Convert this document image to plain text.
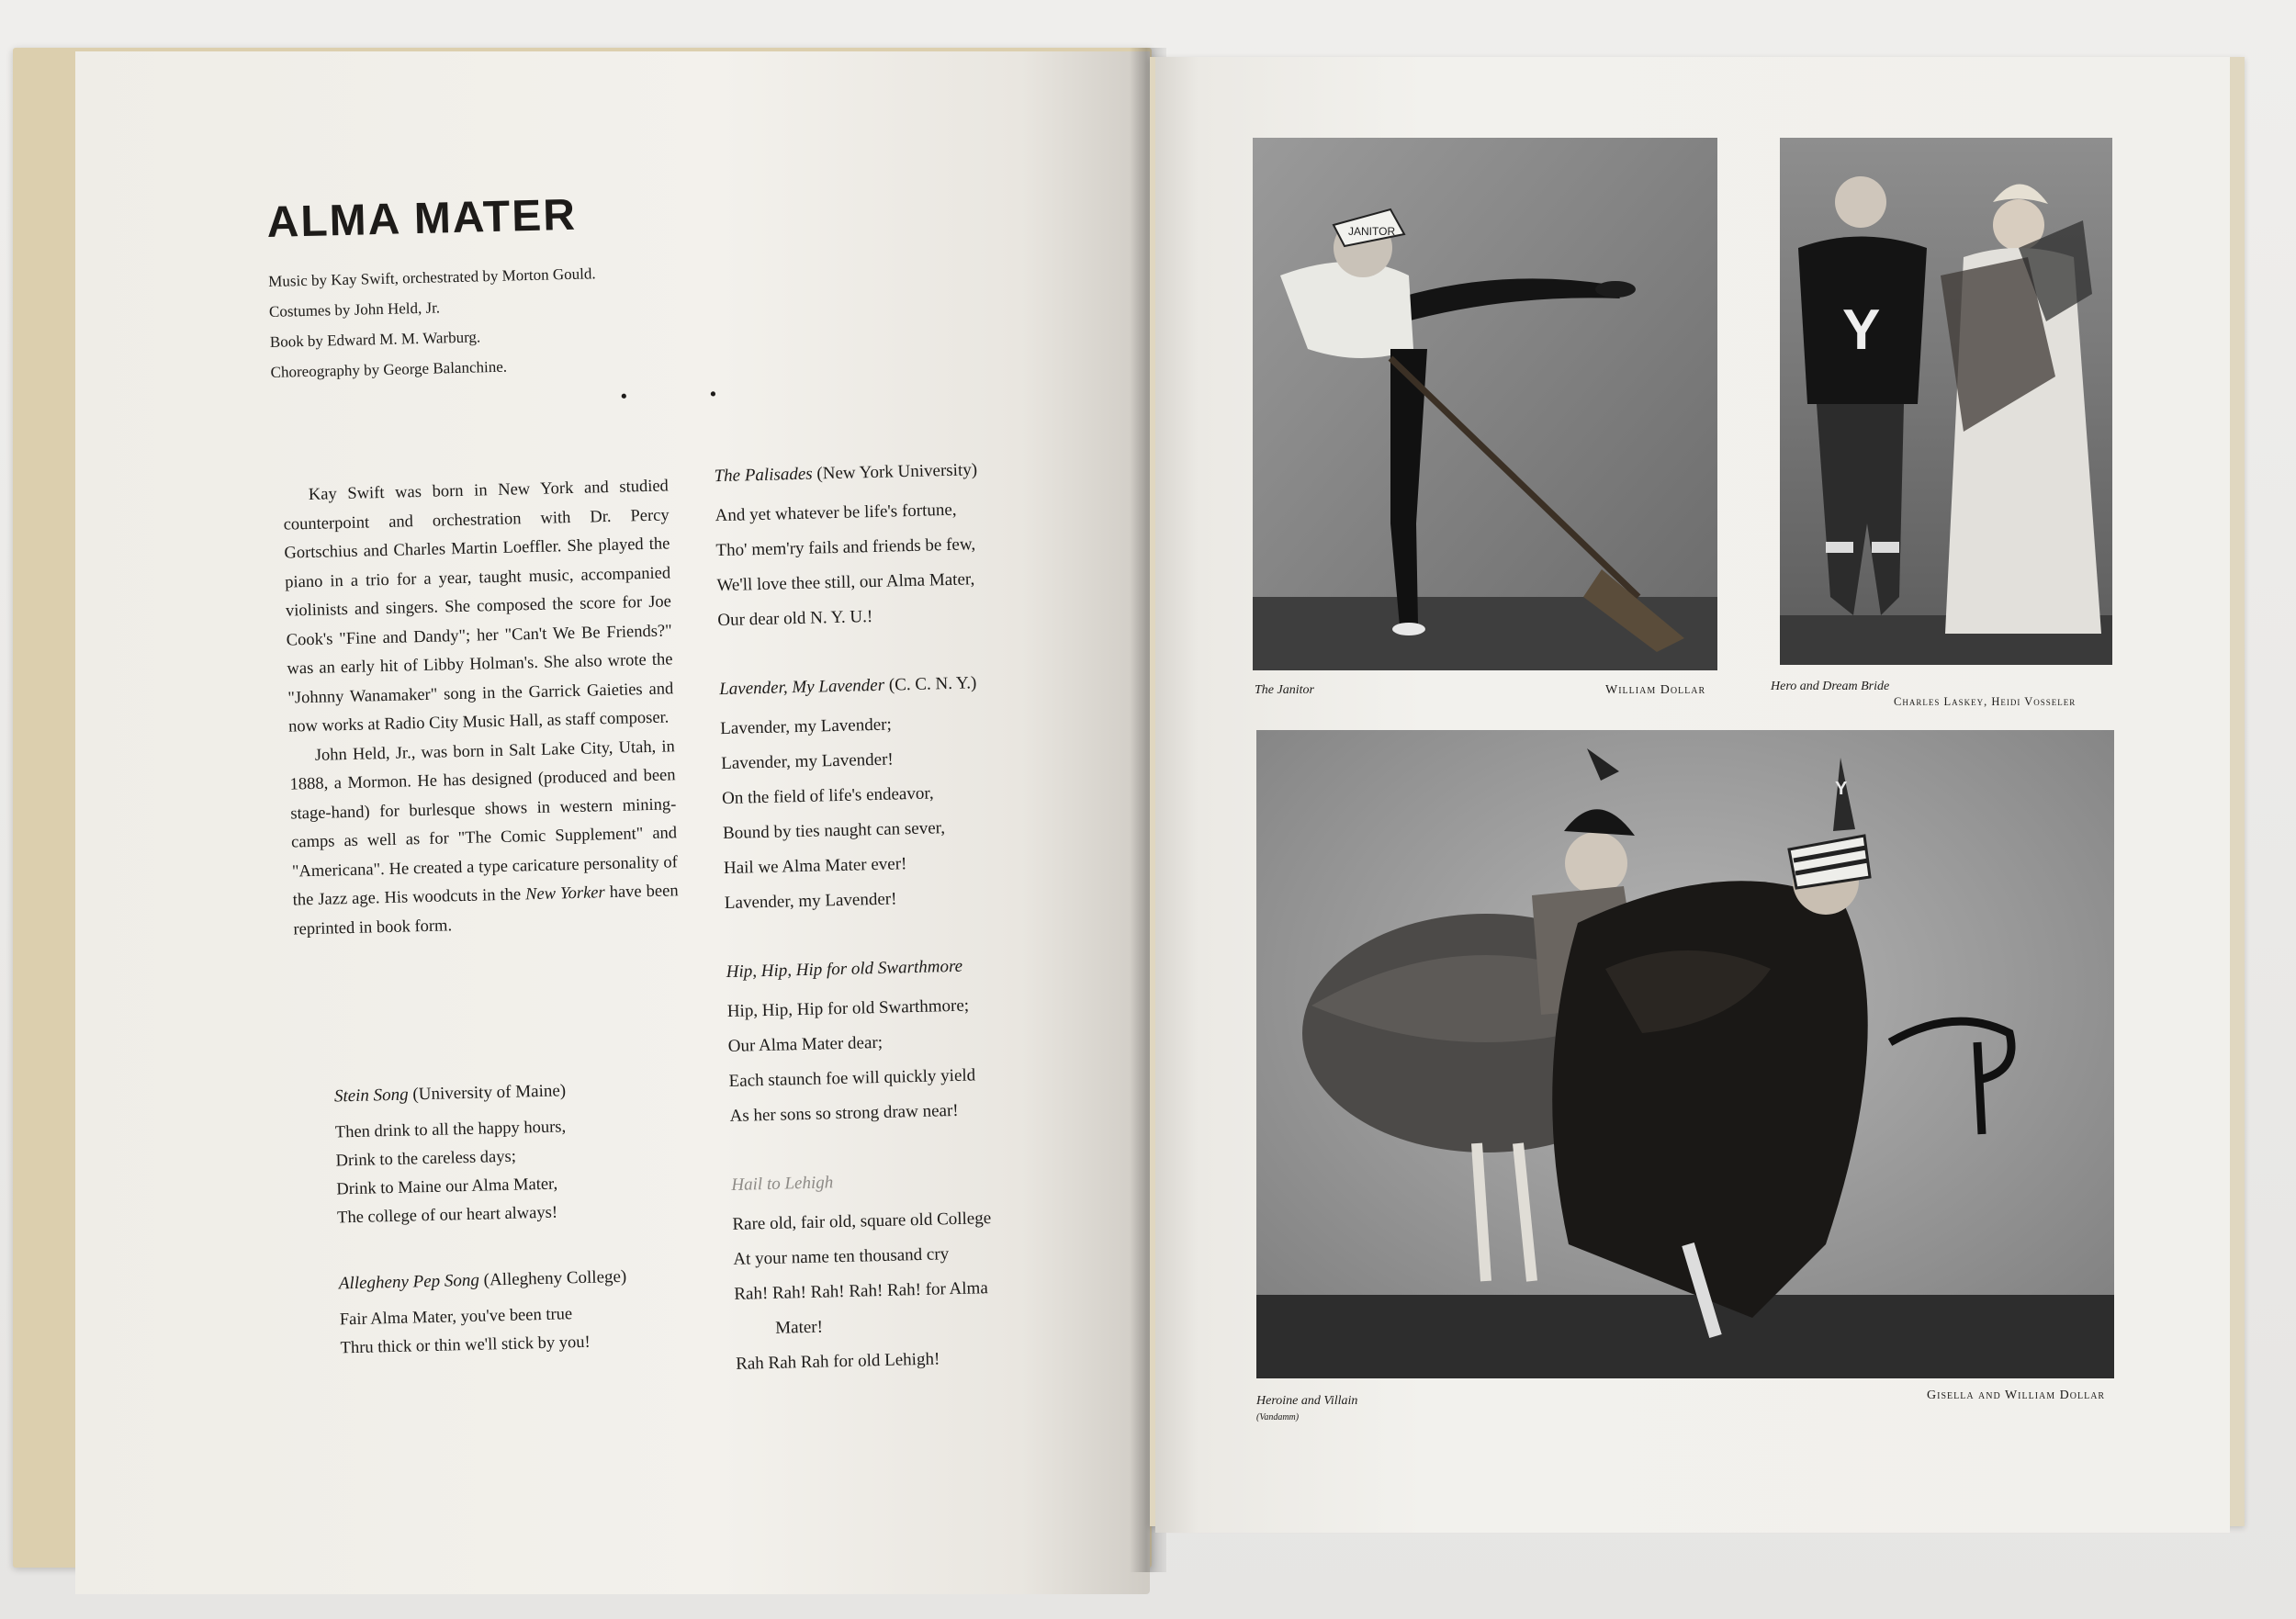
ALMA MATER
Music by Kay Swift, orchestrated by Morton Gould.
Costumes by John Held, Jr.
Book by Edward M. M. Warburg.
Choreography by George Balanchine.
• •

Kay Swift was born in New York and studied counterpoint and orchestration with Dr. Percy Gortschius and Charles Martin Loeffler. She played the piano in a trio for a year, taught music, accompanied violinists and singers. She composed the score for Joe Cook's "Fine and Dandy"; her "Can't We Be Friends?" was an early hit of Libby Holman's. She also wrote the "Johnny Wanamaker" song in the Garrick Gaieties and now works at Radio City Music Hall, as staff composer.

John Held, Jr., was born in Salt Lake City, Utah, in 1888, a Mormon. He has designed (produced and been stage-hand) for burlesque shows in western mining-camps as well as for "The Comic Supplement" and "Americana". He created a type caricature personality of the Jazz age. His woodcuts in the New Yorker have been reprinted in book form.

The Palisades (New York University)
And yet whatever be life's fortune,
Tho' mem'ry fails and friends be few,
We'll love thee still, our Alma Mater,
Our dear old N. Y. U.!
Lavender, My Lavender (C. C. N. Y.)
Lavender, my Lavender;
Lavender, my Lavender!
On the field of life's endeavor,
Bound by ties naught can sever,
Hail we Alma Mater ever!
Lavender, my Lavender!
Hip, Hip, Hip for old Swarthmore
Hip, Hip, Hip for old Swarthmore;
Our Alma Mater dear;
Each staunch foe will quickly yield
As her sons so strong draw near!
Hail to Lehigh
Rare old, fair old, square old College
At your name ten thousand cry
Rah! Rah! Rah! Rah! Rah! for Alma
Mater!
Rah Rah Rah for old Lehigh!
Stein Song (University of Maine)
Then drink to all the happy hours,
Drink to the careless days;
Drink to Maine our Alma Mater,
The college of our heart always!
Allegheny Pep Song (Allegheny College)
Fair Alma Mater, you've been true
Thru thick or thin we'll stick by you!
JANITOR
The Janitor	William Dollar
Y
Hero and Dream Bride
Charles Laskey, Heidi Vosseler
Y
Heroine and Villain
(Vandamm)
Gisella and William Dollar
